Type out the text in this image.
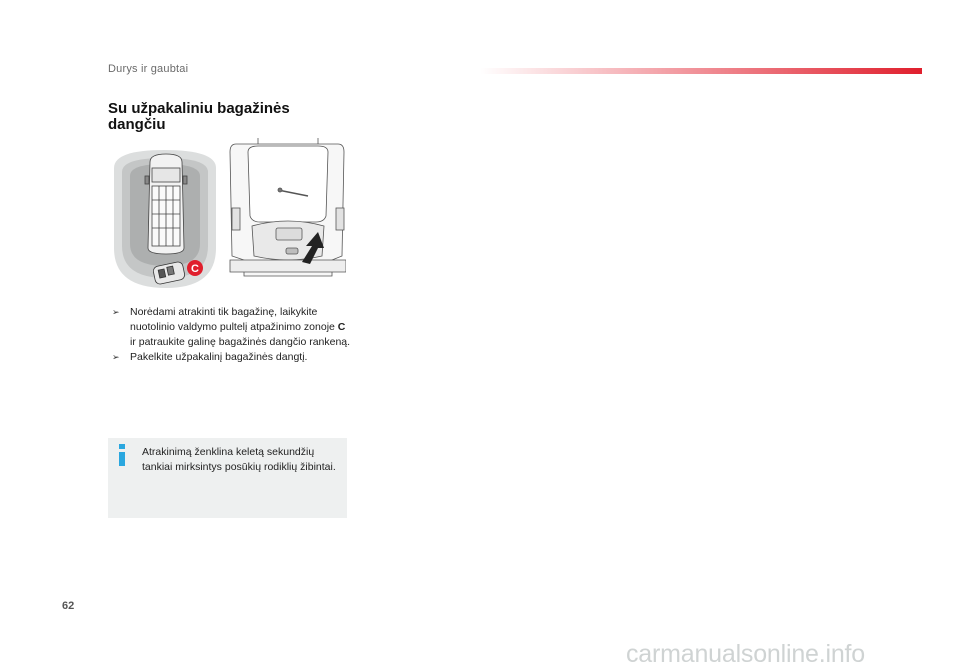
Durys ir gaubtai
Su užpakaliniu bagažinės dangčiu
C
➢ Norėdami atrakinti tik bagažinę, laikykite nuotolinio valdymo pultelį atpažinimo zonoje C ir patraukite galinę bagažinės dangčio rankeną.
➢ Pakelkite užpakalinį bagažinės dangtį.
Atrakinimą ženklina keletą sekundžių tankiai mirksintys posūkių rodiklių žibintai.
62
carmanualsonline.info
